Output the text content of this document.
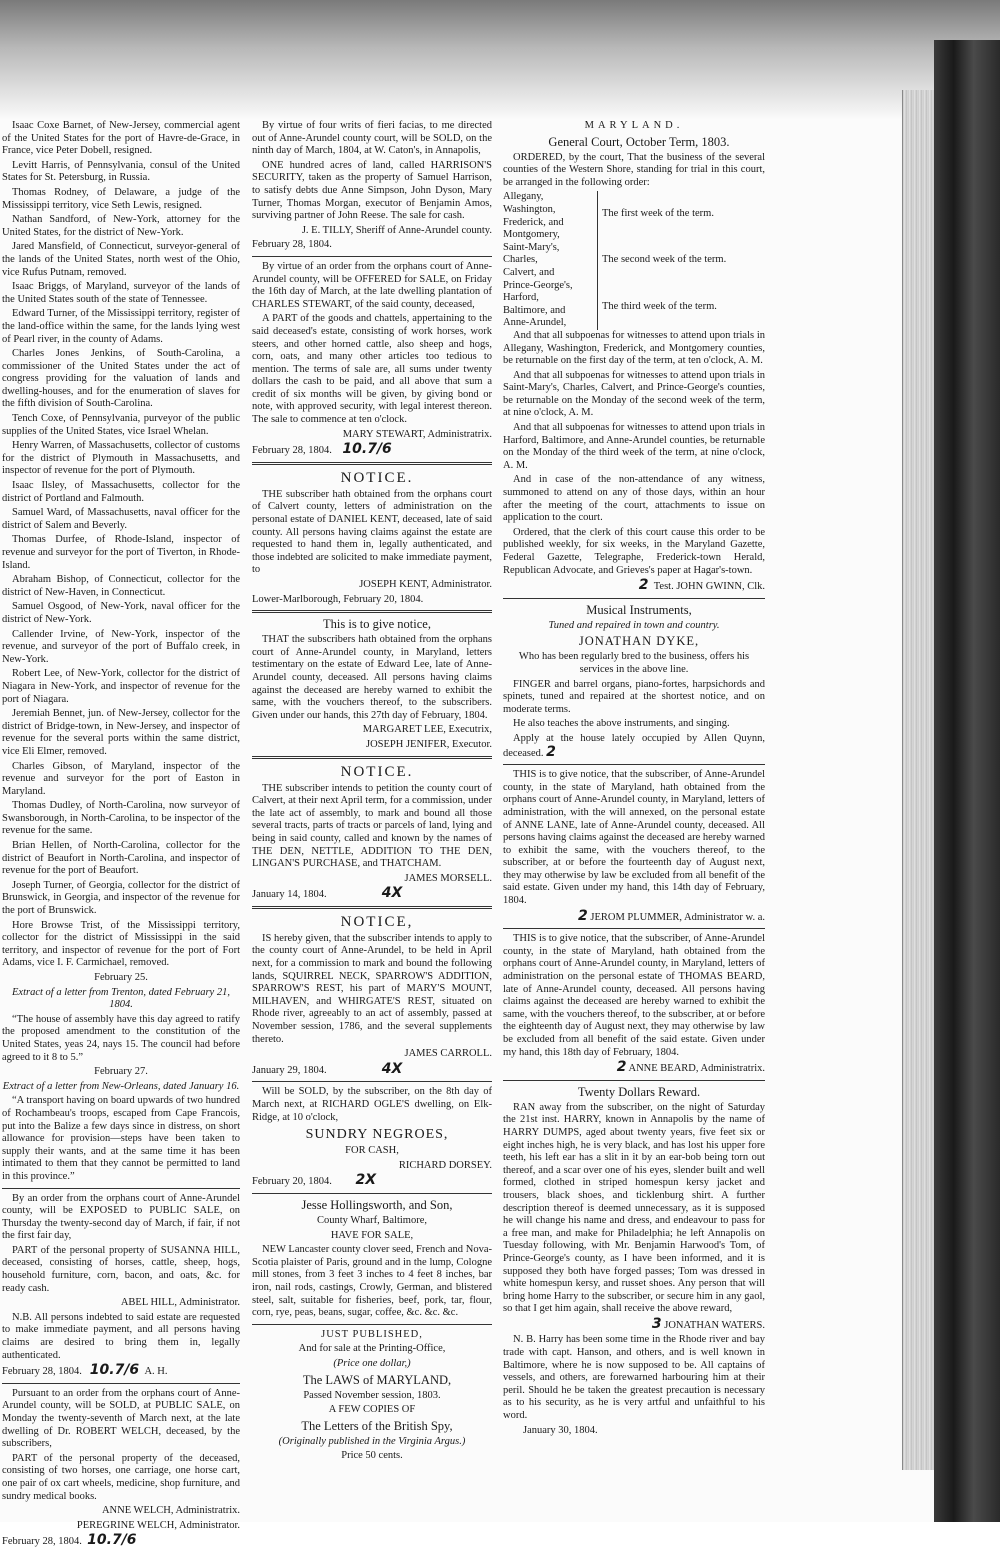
Isaac Coxe Barnet, of New-Jersey, commercial agent of the United States for the port of Havre-de-Grace, in France, vice Peter Dobell, resigned.

Levitt Harris, of Pennsylvania, consul of the United States for St. Petersburg, in Russia.

Thomas Rodney, of Delaware, a judge of the Mississippi territory, vice Seth Lewis, resigned.

Nathan Sandford, of New-York, attorney for the United States, for the district of New-York.

Jared Mansfield, of Connecticut, surveyor-general of the lands of the United States, north west of the Ohio, vice Rufus Putnam, removed.

Isaac Briggs, of Maryland, surveyor of the lands of the United States south of the state of Tennessee.

Edward Turner, of the Mississippi territory, register of the land-office within the same, for the lands lying west of Pearl river, in the county of Adams.

Charles Jones Jenkins, of South-Carolina, a commissioner of the United States under the act of congress providing for the valuation of lands and dwelling-houses, and for the enumeration of slaves for the fifth division of South-Carolina.

Tench Coxe, of Pennsylvania, purveyor of the public supplies of the United States, vice Israel Whelan.

Henry Warren, of Massachusetts, collector of customs for the district of Plymouth in Massachusetts, and inspector of revenue for the port of Plymouth.

Isaac Ilsley, of Massachusetts, collector for the district of Portland and Falmouth.

Samuel Ward, of Massachusetts, naval officer for the district of Salem and Beverly.

Thomas Durfee, of Rhode-Island, inspector of revenue and surveyor for the port of Tiverton, in Rhode-Island.

Abraham Bishop, of Connecticut, collector for the district of New-Haven, in Connecticut.

Samuel Osgood, of New-York, naval officer for the district of New-York.

Callender Irvine, of New-York, inspector of the revenue, and surveyor of the port of Buffalo creek, in New-York.

Robert Lee, of New-York, collector for the district of Niagara in New-York, and inspector of revenue for the port of Niagara.

Jeremiah Bennet, jun. of New-Jersey, collector for the district of Bridge-town, in New-Jersey, and inspector of revenue for the several ports within the same district, vice Eli Elmer, removed.

Charles Gibson, of Maryland, inspector of the revenue and surveyor for the port of Easton in Maryland.

Thomas Dudley, of North-Carolina, now surveyor of Swansborough, in North-Carolina, to be inspector of the revenue for the same.

Brian Hellen, of North-Carolina, collector for the district of Beaufort in North-Carolina, and inspector of revenue for the port of Beaufort.

Joseph Turner, of Georgia, collector for the district of Brunswick, in Georgia, and inspector of the revenue for the port of Brunswick.

Hore Browse Trist, of the Mississippi territory, collector for the district of Mississippi in the said territory, and inspector of revenue for the port of Fort Adams, vice I. F. Carmichael, removed.

February 25.

Extract of a letter from Trenton, dated February 21, 1804.

“The house of assembly have this day agreed to ratify the proposed amendment to the constitution of the United States, yeas 24, nays 15. The council had before agreed to it 8 to 5.”

February 27.

Extract of a letter from New-Orleans, dated January 16.

“A transport having on board upwards of two hundred of Rochambeau's troops, escaped from Cape Francois, put into the Balize a few days since in distress, on short allowance for provision—steps have been taken to supply their wants, and at the same time it has been intimated to them that they cannot be permitted to land in this province.”

By an order from the orphans court of Anne-Arundel county, will be EXPOSED to PUBLIC SALE, on Thursday the twenty-second day of March, if fair, if not the first fair day,

PART of the personal property of SUSANNA HILL, deceased, consisting of horses, cattle, sheep, hogs, household furniture, corn, bacon, and oats, &c. for ready cash.

ABEL HILL, Administrator.

N.B. All persons indebted to said estate are requested to make immediate payment, and all persons having claims are desired to bring them in, legally authenticated.

February 28, 1804. 10.7/6 A. H.

Pursuant to an order from the orphans court of Anne-Arundel county, will be SOLD, at PUBLIC SALE, on Monday the twenty-seventh of March next, at the late dwelling of Dr. ROBERT WELCH, deceased, by the subscribers,

PART of the personal property of the deceased, consisting of two horses, one carriage, one horse cart, one pair of ox cart wheels, medicine, shop furniture, and sundry medical books.

ANNE WELCH, Administratrix.

PEREGRINE WELCH, Administrator.

February 28, 1804. 10.7/6

By virtue of four writs of fieri facias, to me directed out of Anne-Arundel county court, will be SOLD, on the ninth day of March, 1804, at W. Caton's, in Annapolis,

ONE hundred acres of land, called HARRISON'S SECURITY, taken as the property of Samuel Harrison, to satisfy debts due Anne Simpson, John Dyson, Mary Turner, Thomas Morgan, executor of Benjamin Amos, surviving partner of John Reese. The sale for cash.

J. E. TILLY, Sheriff of Anne-Arundel county.

February 28, 1804.

By virtue of an order from the orphans court of Anne-Arundel county, will be OFFERED for SALE, on Friday the 16th day of March, at the late dwelling plantation of CHARLES STEWART, of the said county, deceased,

A PART of the goods and chattels, appertaining to the said deceased's estate, consisting of work horses, work steers, and other horned cattle, also sheep and hogs, corn, oats, and many other articles too tedious to mention. The terms of sale are, all sums under twenty dollars the cash to be paid, and all above that sum a credit of six months will be given, by giving bond or note, with approved security, with legal interest thereon. The sale to commence at ten o'clock.

MARY STEWART, Administratrix.

February 28, 1804. 10.7/6

NOTICE.

THE subscriber hath obtained from the orphans court of Calvert county, letters of administration on the personal estate of DANIEL KENT, deceased, late of said county. All persons having claims against the estate are requested to hand them in, legally authenticated, and those indebted are solicited to make immediate payment, to

JOSEPH KENT, Administrator.

Lower-Marlborough, February 20, 1804.

This is to give notice,

THAT the subscribers hath obtained from the orphans court of Anne-Arundel county, in Maryland, letters testimentary on the estate of Edward Lee, late of Anne-Arundel county, deceased. All persons having claims against the deceased are hereby warned to exhibit the same, with the vouchers thereof, to the subscribers. Given under our hands, this 27th day of February, 1804.

MARGARET LEE, Executrix,

JOSEPH JENIFER, Executor.

NOTICE.

THE subscriber intends to petition the county court of Calvert, at their next April term, for a commission, under the late act of assembly, to mark and bound all those several tracts, parts of tracts or parcels of land, lying and being in said county, called and known by the names of THE DEN, NETTLE, ADDITION TO THE DEN, LINGAN'S PURCHASE, and THATCHAM.

JAMES MORSELL.

January 14, 1804.	4X

NOTICE,

IS hereby given, that the subscriber intends to apply to the county court of Anne-Arundel, to be held in April next, for a commission to mark and bound the following lands, SQUIRREL NECK, SPARROW'S ADDITION, SPARROW'S REST, his part of MARY'S MOUNT, MILHAVEN, and WHIRGATE'S REST, situated on Rhode river, agreeably to an act of assembly, passed at November session, 1786, and the several supplements thereto.

JAMES CARROLL.

January 29, 1804.	4X

Will be SOLD, by the subscriber, on the 8th day of March next, at RICHARD OGLE'S dwelling, on Elk-Ridge, at 10 o'clock,

SUNDRY NEGROES,

FOR CASH,

RICHARD DORSEY.

February 20, 1804. 2X

Jesse Hollingsworth, and Son,

County Wharf, Baltimore,

HAVE FOR SALE,

NEW Lancaster county clover seed, French and Nova-Scotia plaister of Paris, ground and in the lump, Cologne mill stones, from 3 feet 3 inches to 4 feet 8 inches, bar iron, nail rods, castings, Crowly, German, and blistered steel, salt, suitable for fisheries, beef, pork, tar, flour, corn, rye, peas, beans, sugar, coffee, &c. &c. &c.

JUST PUBLISHED,

And for sale at the Printing-Office,

(Price one dollar,)

The LAWS of MARYLAND,

Passed November session, 1803.

A FEW COPIES OF

The Letters of the British Spy,

(Originally published in the Virginia Argus.)

Price 50 cents.

MARYLAND.

General Court, October Term, 1803.

ORDERED, by the court, That the business of the several counties of the Western Shore, standing for trial in this court, be arranged in the following order:

Allegany,
Washington,
Frederick, and
Montgomery,
Saint-Mary's,
Charles,
Calvert, and
Prince-George's,
Harford,
Baltimore, and
Anne-Arundel,
The first week of the term.
The second week of the term.
The third week of the term.

And that all subpoenas for witnesses to attend upon trials in Allegany, Washington, Frederick, and Montgomery counties, be returnable on the first day of the term, at ten o'clock, A. M.

And that all subpoenas for witnesses to attend upon trials in Saint-Mary's, Charles, Calvert, and Prince-George's counties, be returnable on the Monday of the second week of the term, at nine o'clock, A. M.

And that all subpoenas for witnesses to attend upon trials in Harford, Baltimore, and Anne-Arundel counties, be returnable on the Monday of the third week of the term, at nine o'clock, A. M.

And in case of the non-attendance of any witness, summoned to attend on any of those days, within an hour after the meeting of the court, attachments to issue on application to the court.

Ordered, that the clerk of this court cause this order to be published weekly, for six weeks, in the Maryland Gazette, Federal Gazette, Telegraphe, Frederick-town Herald, Republican Advocate, and Grieves's paper at Hagar's-town.

2 Test. JOHN GWINN, Clk.

Musical Instruments,

Tuned and repaired in town and country.

JONATHAN DYKE,

Who has been regularly bred to the business, offers his services in the above line.

FINGER and barrel organs, piano-fortes, harpsichords and spinets, tuned and repaired at the shortest notice, and on moderate terms.

He also teaches the above instruments, and singing.

Apply at the house lately occupied by Allen Quynn, deceased. 2

THIS is to give notice, that the subscriber, of Anne-Arundel county, in the state of Maryland, hath obtained from the orphans court of Anne-Arundel county, in Maryland, letters of administration, with the will annexed, on the personal estate of ANNE LANE, late of Anne-Arundel county, deceased. All persons having claims against the deceased are hereby warned to exhibit the same, with the vouchers thereof, to the subscriber, at or before the fourteenth day of August next, they may otherwise by law be excluded from all benefit of the said estate. Given under my hand, this 14th day of February, 1804.

2 JEROM PLUMMER, Administrator w. a.

THIS is to give notice, that the subscriber, of Anne-Arundel county, in the state of Maryland, hath obtained from the orphans court of Anne-Arundel county, in Maryland, letters of administration on the personal estate of THOMAS BEARD, late of Anne-Arundel county, deceased. All persons having claims against the deceased are hereby warned to exhibit the same, with the vouchers thereof, to the subscriber, at or before the eighteenth day of August next, they may otherwise by law be excluded from all benefit of the said estate. Given under my hand, this 18th day of February, 1804.

2 ANNE BEARD, Administratrix.

Twenty Dollars Reward.

RAN away from the subscriber, on the night of Saturday the 21st inst. HARRY, known in Annapolis by the name of HARRY DUMPS, aged about twenty years, five feet six or eight inches high, he is very black, and has lost his upper fore teeth, his left ear has a slit in it by an ear-bob being torn out thereof, and a scar over one of his eyes, slender built and well formed, clothed in striped homespun kersy jacket and trousers, black shoes, and ticklenburg shirt. A further description thereof is deemed unnecessary, as it is supposed he will change his name and dress, and endeavour to pass for a free man, and make for Philadelphia; he left Annapolis on Tuesday following, with Mr. Benjamin Harwood's Tom, of Prince-George's county, as I have been informed, and it is supposed they both have forged passes; Tom was dressed in white homespun kersy, and russet shoes. Any person that will bring home Harry to the subscriber, or secure him in any gaol, so that I get him again, shall receive the above reward,

3 JONATHAN WATERS.

N. B. Harry has been some time in the Rhode river and bay trade with capt. Hanson, and others, and is well known in Baltimore, where he is now supposed to be. All captains of vessels, and others, are forewarned harbouring him at their peril. Should he be taken the greatest precaution is necessary as to his security, as he is very artful and unfaithful to his word.

January 30, 1804.
